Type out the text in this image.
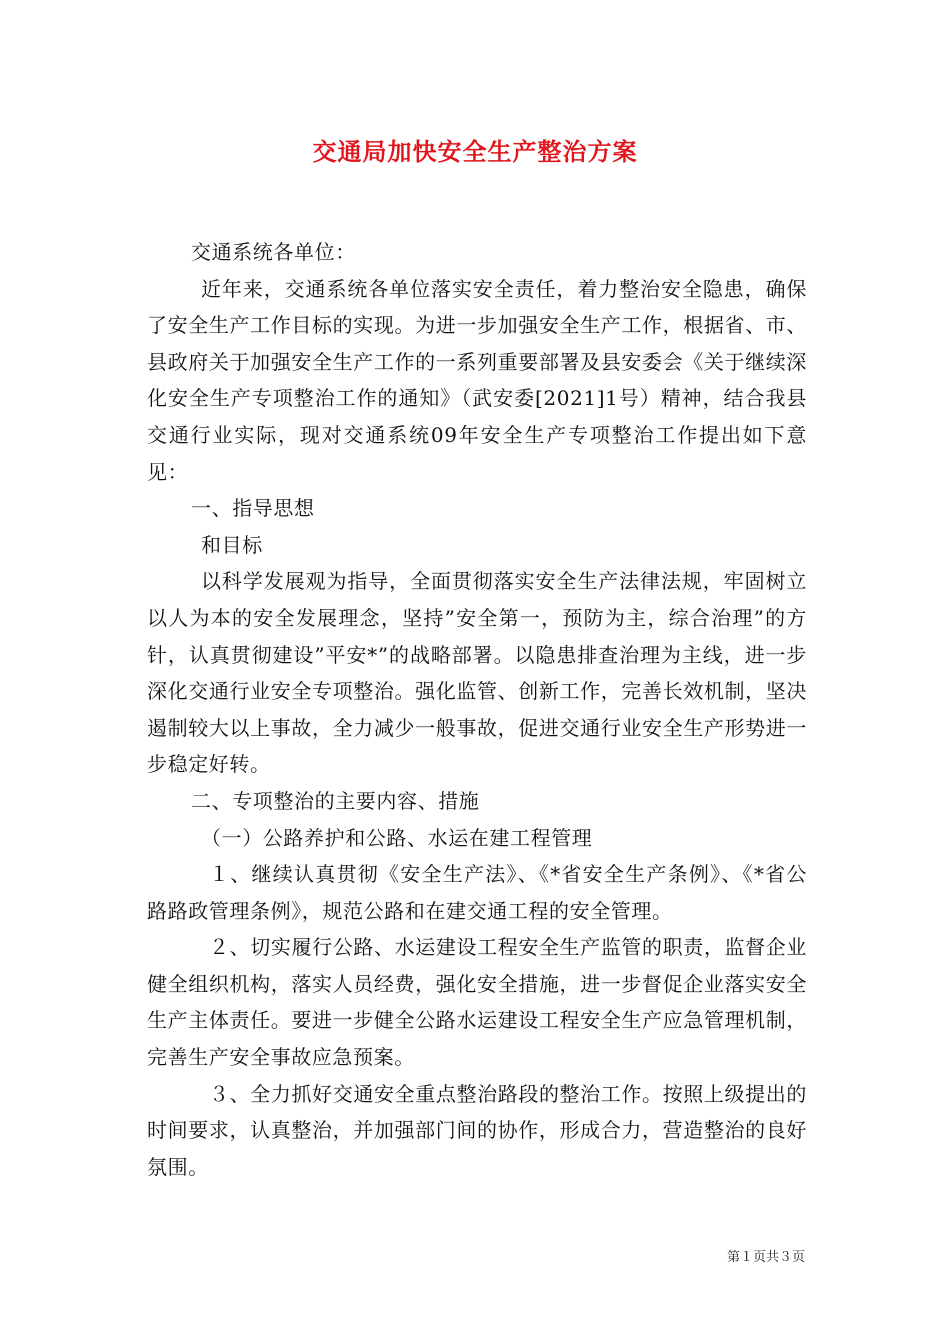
交通局加快安全生产整治方案

交通系统各单位：

近年来，交通系统各单位落实安全责任，着力整治安全隐患，确保了安全生产工作目标的实现。为进一步加强安全生产工作，根据省、市、县政府关于加强安全生产工作的一系列重要部署及县安委会《关于继续深化安全生产专项整治工作的通知》（武安委[2021]1号）精神，结合我县交通行业实际，现对交通系统09年安全生产专项整治工作提出如下意见：

一、指导思想

和目标

以科学发展观为指导，全面贯彻落实安全生产法律法规，牢固树立以人为本的安全发展理念，坚持”安全第一，预防为主，综合治理”的方针，认真贯彻建设”平安*”的战略部署。以隐患排查治理为主线，进一步深化交通行业安全专项整治。强化监管、创新工作，完善长效机制，坚决遏制较大以上事故，全力减少一般事故，促进交通行业安全生产形势进一步稳定好转。

二、专项整治的主要内容、措施

（一）公路养护和公路、水运在建工程管理

１、继续认真贯彻《安全生产法》、《*省安全生产条例》、《*省公路路政管理条例》，规范公路和在建交通工程的安全管理。

２、切实履行公路、水运建设工程安全生产监管的职责，监督企业健全组织机构，落实人员经费，强化安全措施，进一步督促企业落实安全生产主体责任。要进一步健全公路水运建设工程安全生产应急管理机制，完善生产安全事故应急预案。

３、全力抓好交通安全重点整治路段的整治工作。按照上级提出的时间要求，认真整治，并加强部门间的协作，形成合力，营造整治的良好氛围。

第１页共３页
